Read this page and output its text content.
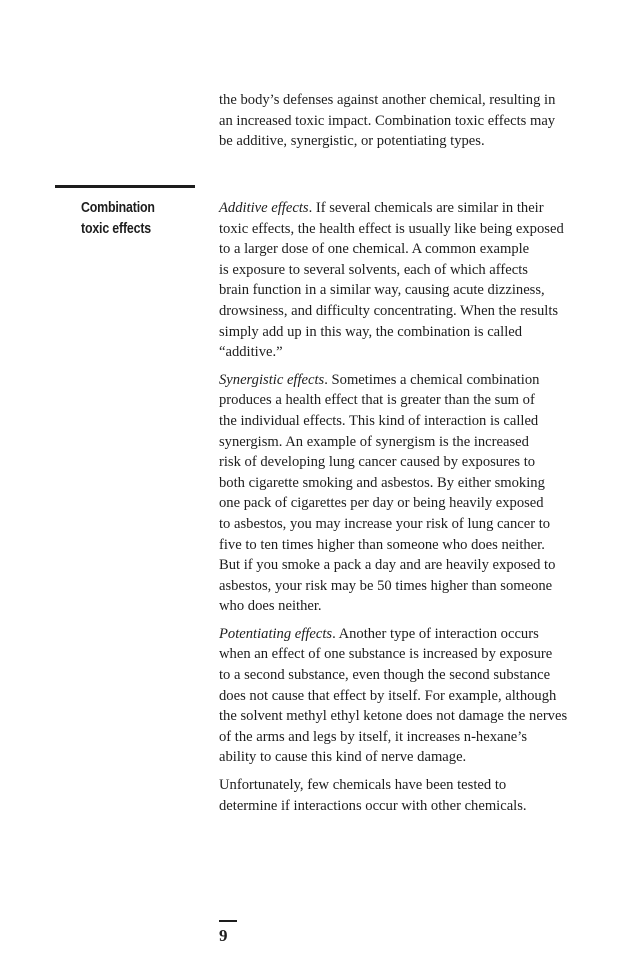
the body’s defenses against another chemical, resulting in
an increased toxic impact. Combination toxic effects may
be additive, synergistic, or potentiating types.

Combination
toxic effects

Additive effects. If several chemicals are similar in their
toxic effects, the health effect is usually like being exposed
to a larger dose of one chemical. A common example
is exposure to several solvents, each of which affects
brain function in a similar way, causing acute dizziness,
drowsiness, and difficulty concentrating. When the results
simply add up in this way, the combination is called
“additive.”

Synergistic effects. Sometimes a chemical combination
produces a health effect that is greater than the sum of
the individual effects. This kind of interaction is called
synergism. An example of synergism is the increased
risk of developing lung cancer caused by exposures to
both cigarette smoking and asbestos. By either smoking
one pack of cigarettes per day or being heavily exposed
to asbestos, you may increase your risk of lung cancer to
five to ten times higher than someone who does neither.
But if you smoke a pack a day and are heavily exposed to
asbestos, your risk may be 50 times higher than someone
who does neither.

Potentiating effects. Another type of interaction occurs
when an effect of one substance is increased by exposure
to a second substance, even though the second substance
does not cause that effect by itself. For example, although
the solvent methyl ethyl ketone does not damage the nerves
of the arms and legs by itself, it increases n-hexane’s
ability to cause this kind of nerve damage.

Unfortunately, few chemicals have been tested to
determine if interactions occur with other chemicals.

9
